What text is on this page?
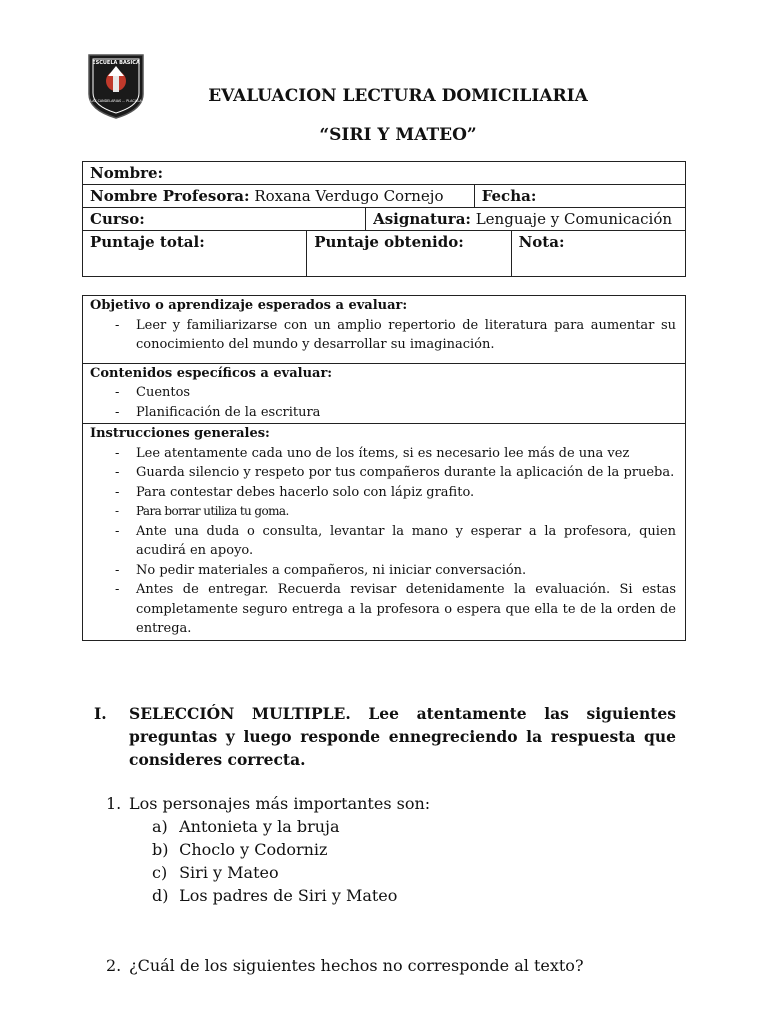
ESCUELA BASICA
LAS CANDELARIAS ... PLACILLA	EVALUACION LECTURA DOMICILIARIA
“SIRI Y MATEO”
Nombre:
Nombre Profesora: Roxana Verdugo Cornejo	Fecha:
Curso:	Asignatura: Lenguaje y Comunicación
Puntaje total:	Puntaje obtenido:	Nota:
Objetivo o aprendizaje esperados a evaluar:
- Leer y familiarizarse con un amplio repertorio de literatura para aumentar su conocimiento del mundo y desarrollar su imaginación.
Contenidos específicos a evaluar:
- Cuentos
- Planificación de la escritura
Instrucciones generales:
- Lee atentamente cada uno de los ítems, si es necesario lee más de una vez
- Guarda silencio y respeto por tus compañeros durante la aplicación de la prueba.
- Para contestar debes hacerlo solo con lápiz grafito.
- Para borrar utiliza tu goma.
- Ante una duda o consulta, levantar la mano y esperar a la profesora, quien acudirá en apoyo.
- No pedir materiales a compañeros, ni iniciar conversación.
- Antes de entregar. Recuerda revisar detenidamente la evaluación. Si estas completamente seguro entrega a la profesora o espera que ella te de la orden de entrega.
I. SELECCIÓN MULTIPLE. Lee atentamente las siguientes preguntas y luego responde ennegreciendo la respuesta que consideres correcta.
1. Los personajes más importantes son:
a) Antonieta y la bruja
b) Choclo y Codorniz
c) Siri y Mateo
d) Los padres de Siri y Mateo
2. ¿Cuál de los siguientes hechos no corresponde al texto?
